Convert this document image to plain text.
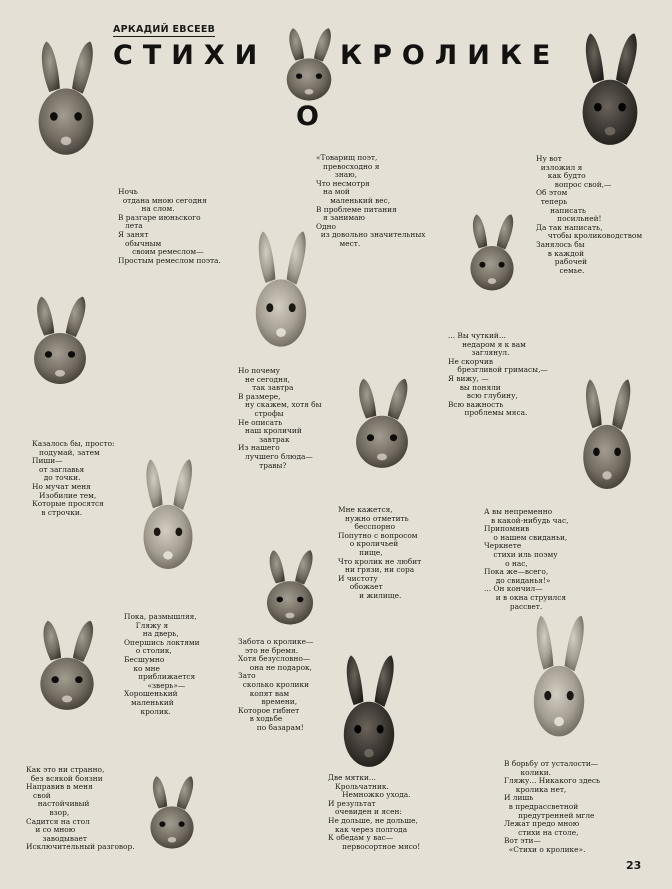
АРКАДИЙ ЕВСЕЕВ
СТИХИ	КРОЛИКЕ
О
Ночь
отдана мною сегодня
на слом.
В разгаре июньского
лета
Я занят
обычным
своим ремеслом—
Простым ремеслом поэта.
«Товарищ поэт,
превосходно я
знаю,
Что несмотря
на мой
маленький вес,
В проблеме питания
я занимаю
Одно
из довольно значительных
мест.
Ну вот
изложил я
как будто
вопрос свой,—
Об этом
теперь
написать
посильней!
Да так написать,
чтобы кролиководством
Занялось бы
в каждой
рабочей
семье.
... Вы чуткий...
недаром я к вам
заглянул.
Не скорчив
брезгливой гримасы,—
Я вижу, —
вы поняли
всю глубину,
Всю важность
проблемы мяса.
Но почему
не сегодня,
так завтра
В размере,
ну скажем, хотя бы
строфы
Не описать
наш кроличий
завтрак
Из нашего
лучшего блюда—
травы?
Казалось бы, просто:
подумай, затем
Пиши—
от заглавья
до точки.
Но мучат меня
Изобилие тем,
Которые просятся
в строчки.	Мне кажется,
нужно отметить
бесспорно
Попутно с вопросом
о кроличьей
пище,
Что кролик не любит
ни грязи, ни сора
И чистоту
обожает
и жилище.
А вы непременно
в какой-нибудь час,
Припомнив
о нашем свиданьи,
Черкнете
стихи иль поэму
о нас,
Пока же—всего,
до свиданья!»
... Он кончил—
и в окна струился
рассвет.
Пока, размышляя,
Гляжу я
на дверь,
Опершись локтями
о столик,
Бесшумно
ко мне
приближается
«зверь»—
Хорошенький
маленький
кролик.
Забота о кролике—
это не бремя.
Хотя безусловно—
она не подарок,
Зато
сколько кролики
копят вам
времени,
Которое гибнет
в ходьбе
по базарам!
Как это ни странно,
без всякой боязни
Направив в меня
свой
настойчивый
взор,
Садится на стол
и со мною
заводывает
Исключительный разговор.
Две мятки...
Крольчатник.
Немножко ухода.
И результат
очевиден и ясен:
Не дольше, не дольше,
как через полгода
К обедам у вас—
первосортное мясо!
В борьбу от усталости—
колики.
Гляжу... Никакого здесь
кролика нет,
И лишь
в предрассветной
предутренней мгле
Лежат предо мною
стихи на столе,
Вот эти—
«Стихи о кролике».
23
